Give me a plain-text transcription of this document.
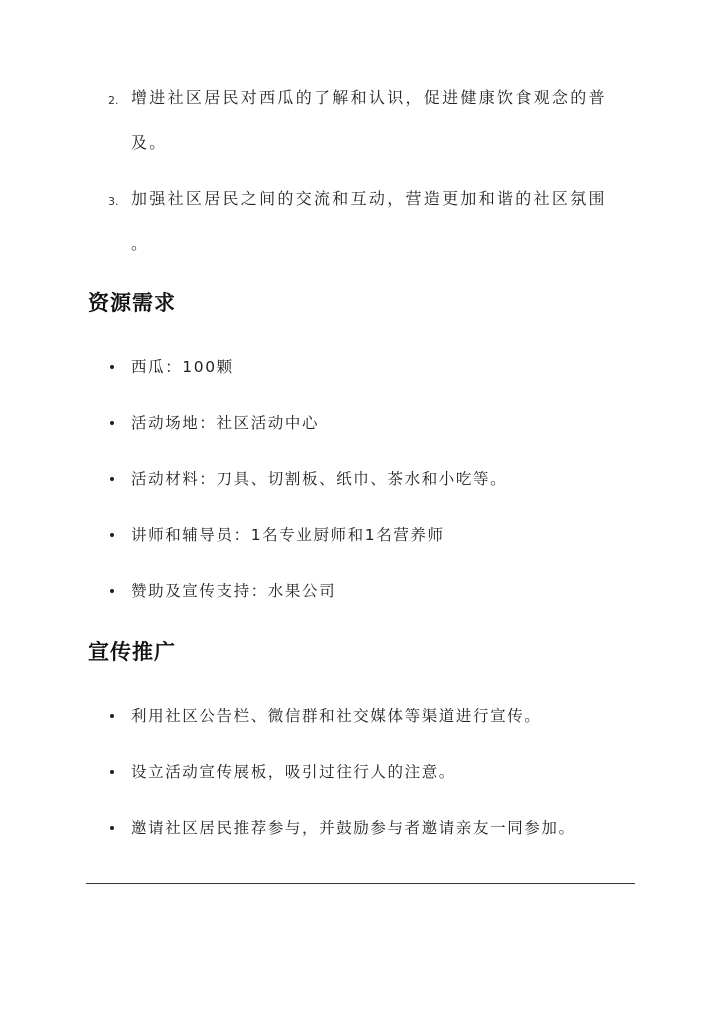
2. 增进社区居民对西瓜的了解和认识，促进健康饮食观念的普
及。
3. 加强社区居民之间的交流和互动，营造更加和谐的社区氛围
。
资源需求
西瓜：100颗
活动场地：社区活动中心
活动材料：刀具、切割板、纸巾、茶水和小吃等。
讲师和辅导员：1名专业厨师和1名营养师
赞助及宣传支持：水果公司
宣传推广
利用社区公告栏、微信群和社交媒体等渠道进行宣传。
设立活动宣传展板，吸引过往行人的注意。
邀请社区居民推荐参与，并鼓励参与者邀请亲友一同参加。
